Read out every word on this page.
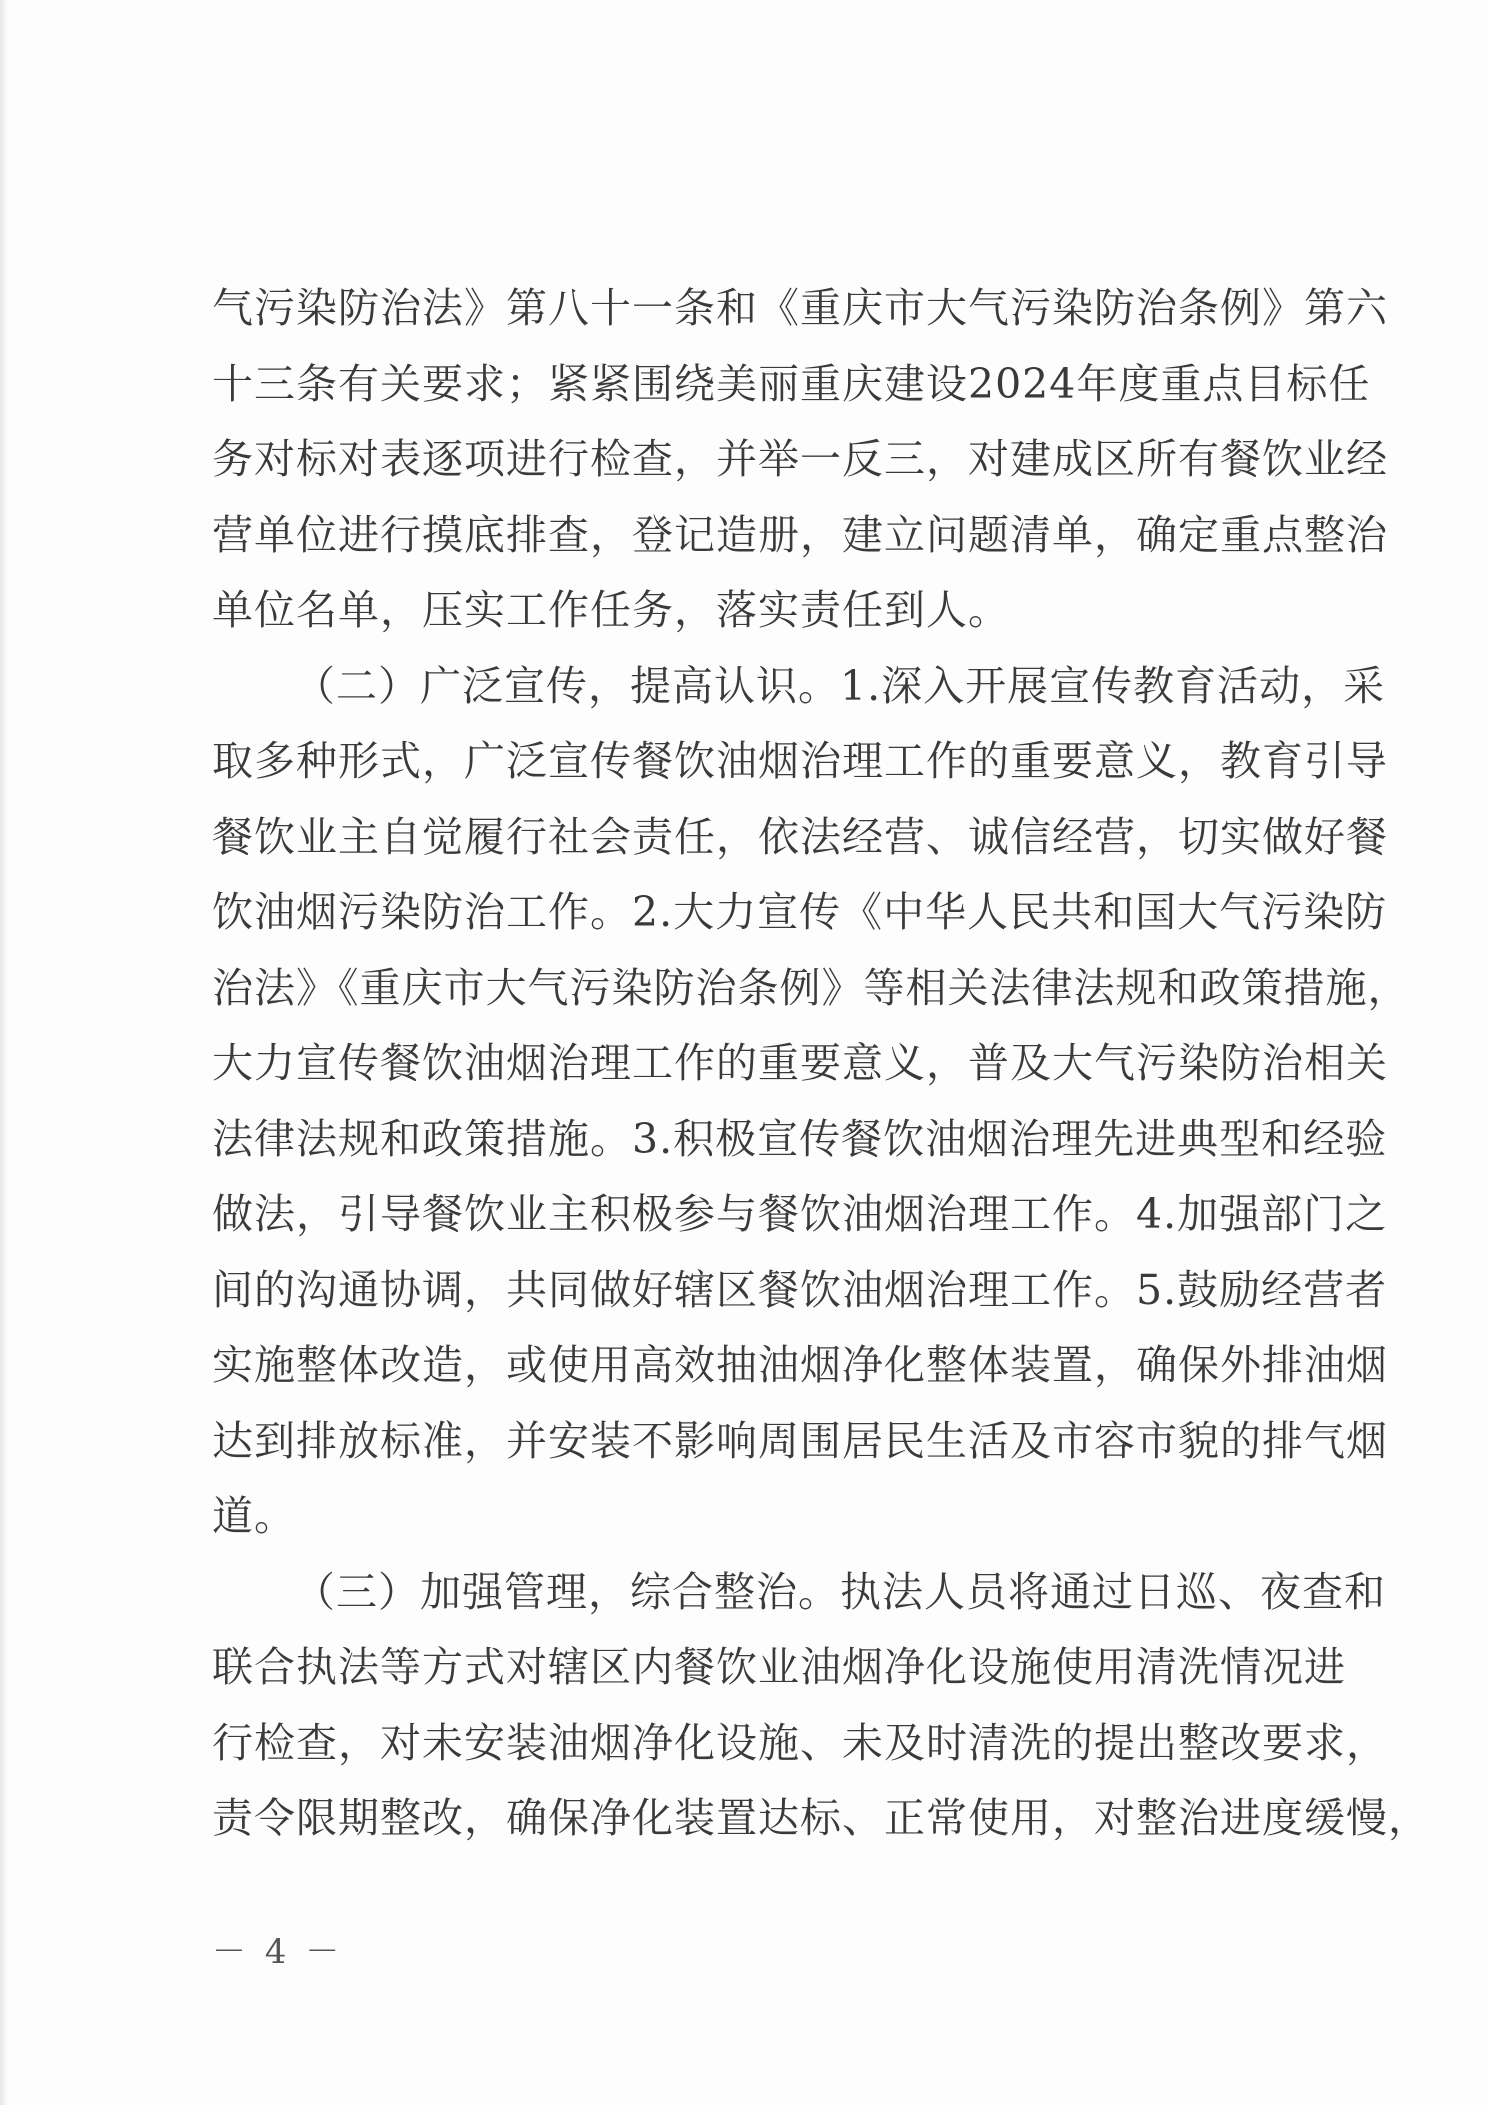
气污染防治法》第八十一条和《重庆市大气污染防治条例》第六
十三条有关要求；紧紧围绕美丽重庆建设2024年度重点目标任
务对标对表逐项进行检查，并举一反三，对建成区所有餐饮业经
营单位进行摸底排查，登记造册，建立问题清单，确定重点整治
单位名单，压实工作任务，落实责任到人。
（二）广泛宣传，提高认识。1.深入开展宣传教育活动，采
取多种形式，广泛宣传餐饮油烟治理工作的重要意义，教育引导
餐饮业主自觉履行社会责任，依法经营、诚信经营，切实做好餐
饮油烟污染防治工作。2.大力宣传《中华人民共和国大气污染防
治法》《重庆市大气污染防治条例》等相关法律法规和政策措施，
大力宣传餐饮油烟治理工作的重要意义，普及大气污染防治相关
法律法规和政策措施。3.积极宣传餐饮油烟治理先进典型和经验
做法，引导餐饮业主积极参与餐饮油烟治理工作。4.加强部门之
间的沟通协调，共同做好辖区餐饮油烟治理工作。5.鼓励经营者
实施整体改造，或使用高效抽油烟净化整体装置，确保外排油烟
达到排放标准，并安装不影响周围居民生活及市容市貌的排气烟
道。
（三）加强管理，综合整治。执法人员将通过日巡、夜查和
联合执法等方式对辖区内餐饮业油烟净化设施使用清洗情况进
行检查，对未安装油烟净化设施、未及时清洗的提出整改要求，
责令限期整改，确保净化装置达标、正常使用，对整治进度缓慢，
－ 4 －
